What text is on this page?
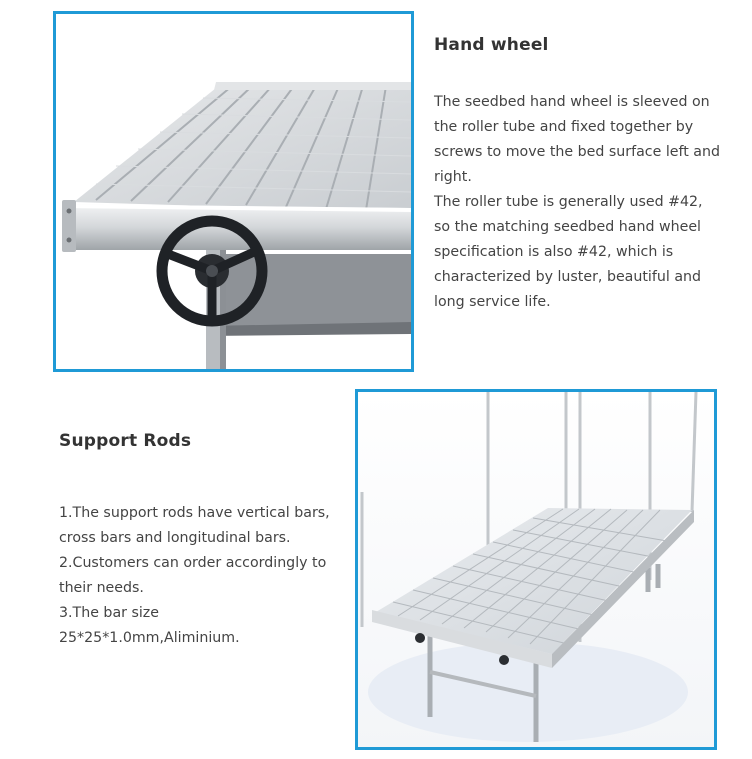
Hand wheel
The seedbed hand wheel is sleeved on
the roller tube and fixed together by
screws to move the bed surface left and
right.
The roller tube is generally used #42,
so the matching seedbed hand wheel
specification is also #42, which is
characterized by luster, beautiful and
long service life.
Support Rods
1.The support rods have vertical bars,
cross bars and longitudinal bars.
2.Customers can order accordingly to
their needs.
3.The bar size
25*25*1.0mm,Aliminium.
